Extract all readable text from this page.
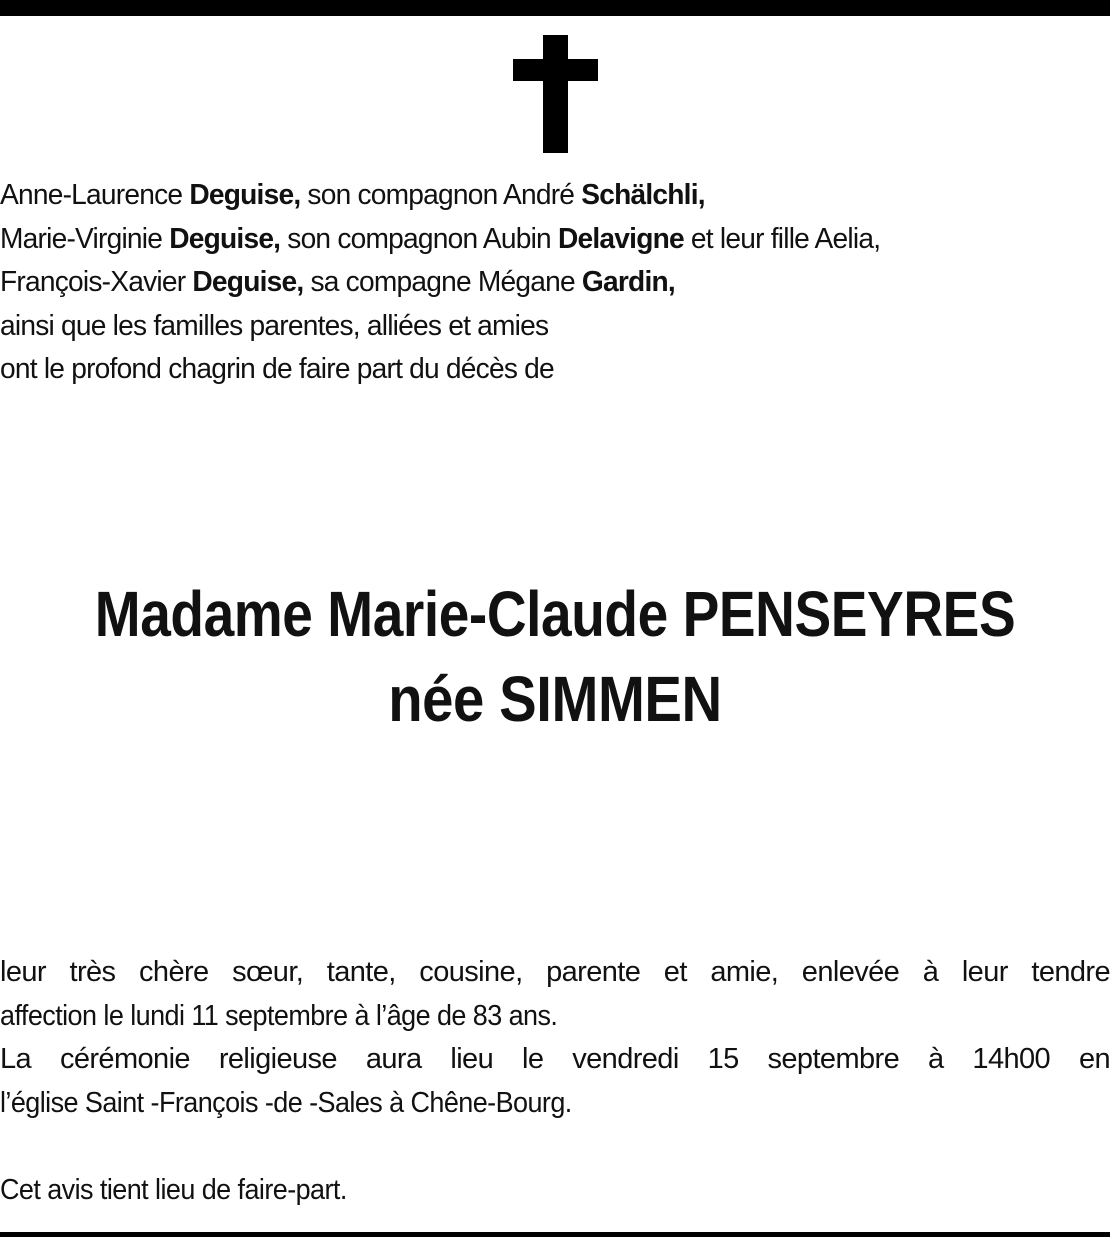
Anne-Laurence Deguise, son compagnon André Schälchli,
Marie-Virginie Deguise, son compagnon Aubin Delavigne et leur fille Aelia,
François-Xavier Deguise, sa compagne Mégane Gardin,
ainsi que les familles parentes, alliées et amies
ont le profond chagrin de faire part du décès de
Madame Marie-Claude PENSEYRES
née SIMMEN
leur très chère sœur, tante, cousine, parente et amie, enlevée à leur tendre
affection le lundi 11 septembre à l’âge de 83 ans.
La cérémonie religieuse aura lieu le vendredi 15 septembre à 14h00 en
l’église Saint -François -de -Sales à Chêne-Bourg.
Cet avis tient lieu de faire-part.
